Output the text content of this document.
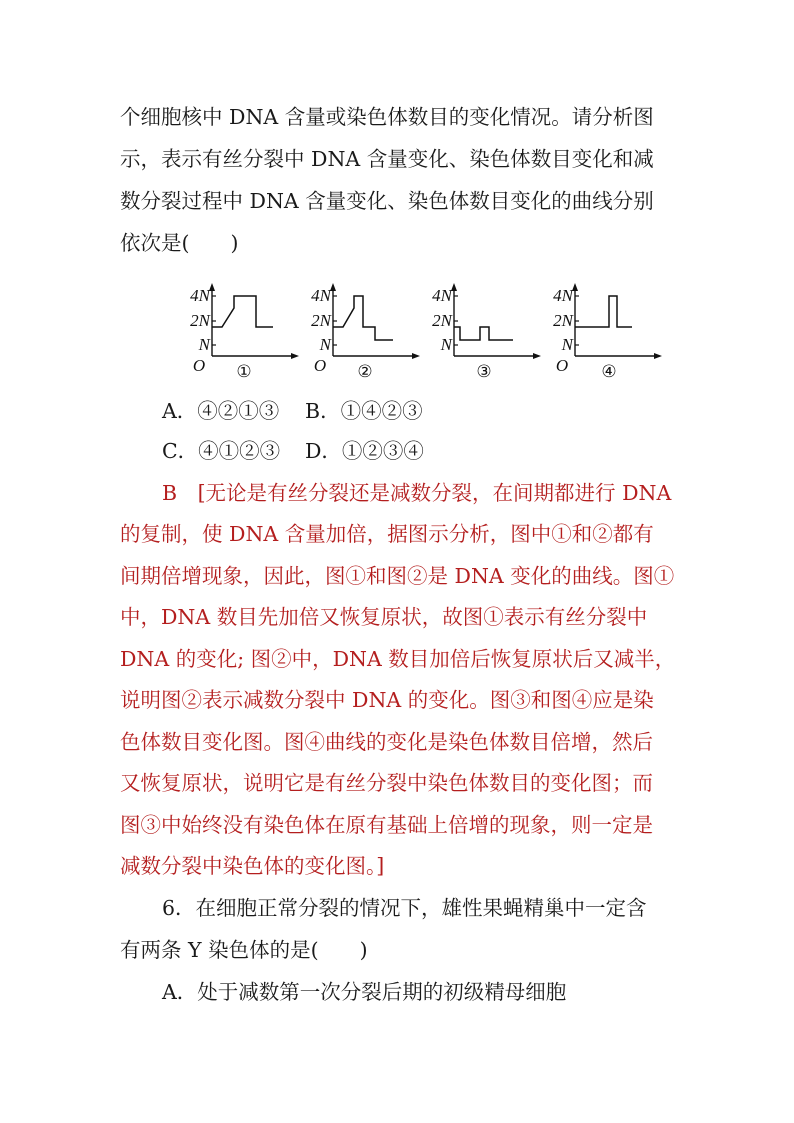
个细胞核中 DNA 含量或染色体数目的变化情况。请分析图
示，表示有丝分裂中 DNA 含量变化、染色体数目变化和减
数分裂过程中 DNA 含量变化、染色体数目变化的曲线分别
依次是(　　)
4N
2N
N
O ①
4N
2N
N
O ②
4N
2N
N
③
4N
2N
N
O ④
A．④②①③ B．①④②③
C．④①②③ D．①②③④
B　[无论是有丝分裂还是减数分裂，在间期都进行 DNA
的复制，使 DNA 含量加倍，据图示分析，图中①和②都有
间期倍增现象，因此，图①和图②是 DNA 变化的曲线。图①
中，DNA 数目先加倍又恢复原状，故图①表示有丝分裂中
DNA 的变化; 图②中，DNA 数目加倍后恢复原状后又减半，
说明图②表示减数分裂中 DNA 的变化。图③和图④应是染
色体数目变化图。图④曲线的变化是染色体数目倍增，然后
又恢复原状，说明它是有丝分裂中染色体数目的变化图；而
图③中始终没有染色体在原有基础上倍增的现象，则一定是
减数分裂中染色体的变化图。]
6．在细胞正常分裂的情况下，雄性果蝇精巢中一定含
有两条 Y 染色体的是(　　)
A．处于减数第一次分裂后期的初级精母细胞
